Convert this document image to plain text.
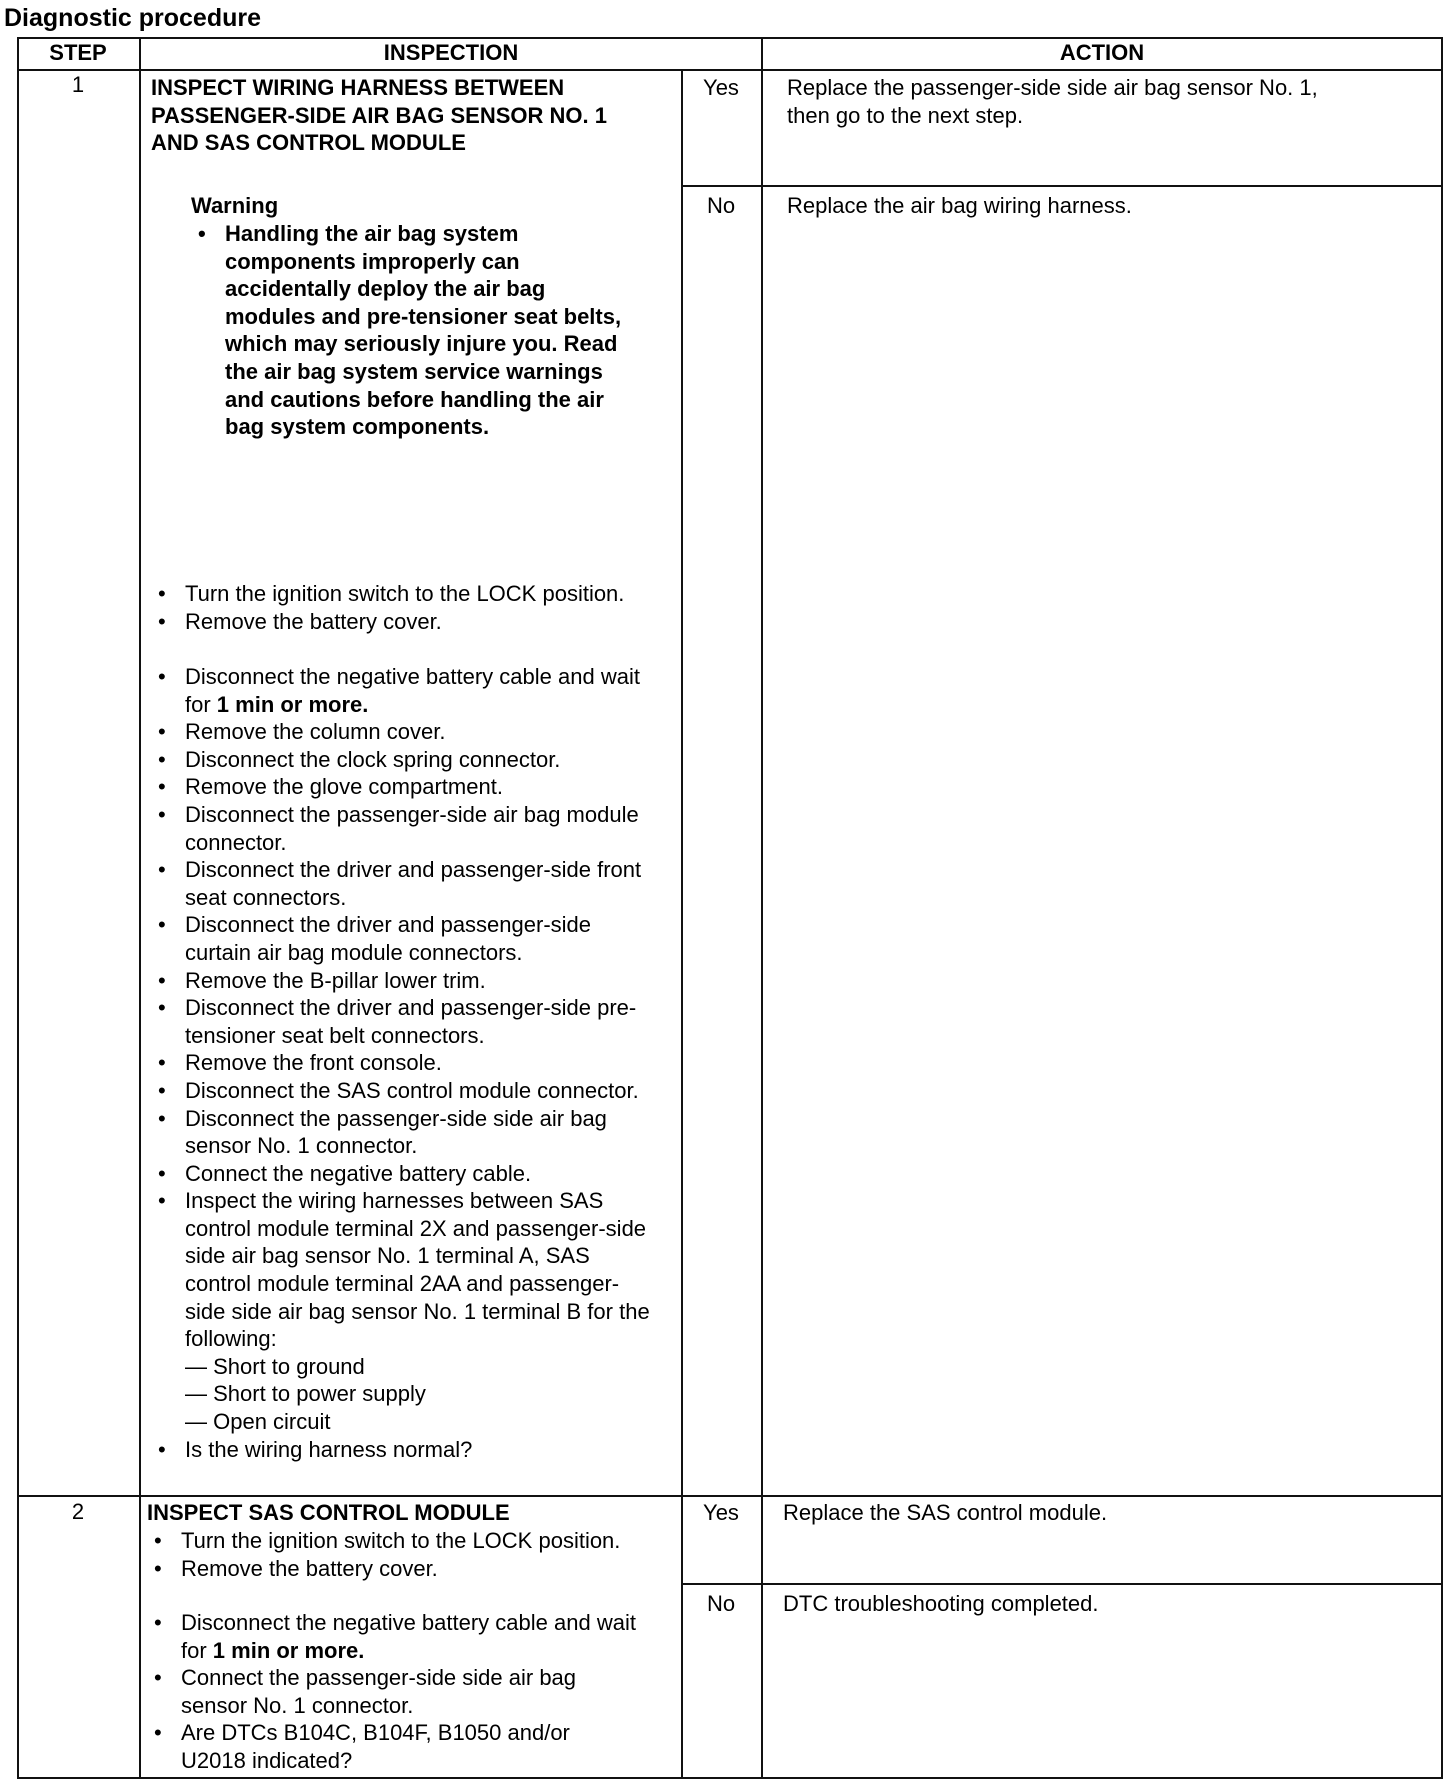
Diagnostic procedure
STEP	INSPECTION	ACTION
1	INSPECT WIRING HARNESS BETWEEN
PASSENGER-SIDE AIR BAG SENSOR NO. 1
AND SAS CONTROL MODULE
Warning
• Handling the air bag system
components improperly can
accidentally deploy the air bag
modules and pre-tensioner seat belts,
which may seriously injure you. Read
the air bag system service warnings
and cautions before handling the air
bag system components.
• Turn the ignition switch to the LOCK position.
• Remove the battery cover.
• Disconnect the negative battery cable and wait for 1 min or more.
• Remove the column cover.
• Disconnect the clock spring connector.
• Remove the glove compartment.
• Disconnect the passenger-side air bag module connector.
• Disconnect the driver and passenger-side front seat connectors.
• Disconnect the driver and passenger-side curtain air bag module connectors.
• Remove the B-pillar lower trim.
• Disconnect the driver and passenger-side pre-tensioner seat belt connectors.
• Remove the front console.
• Disconnect the SAS control module connector.
• Disconnect the passenger-side side air bag sensor No. 1 connector.
• Connect the negative battery cable.
• Inspect the wiring harnesses between SAS control module terminal 2X and passenger-side side air bag sensor No. 1 terminal A, SAS control module terminal 2AA and passenger-side side air bag sensor No. 1 terminal B for the following:
— Short to ground
— Short to power supply
— Open circuit
• Is the wiring harness normal?
Yes	Replace the passenger-side side air bag sensor No. 1,
then go to the next step.
No	Replace the air bag wiring harness.
2	INSPECT SAS CONTROL MODULE
• Turn the ignition switch to the LOCK position.
• Remove the battery cover.
• Disconnect the negative battery cable and wait for 1 min or more.
• Connect the passenger-side side air bag sensor No. 1 connector.
• Are DTCs B104C, B104F, B1050 and/or U2018 indicated?
Yes	Replace the SAS control module.
No	DTC troubleshooting completed.
